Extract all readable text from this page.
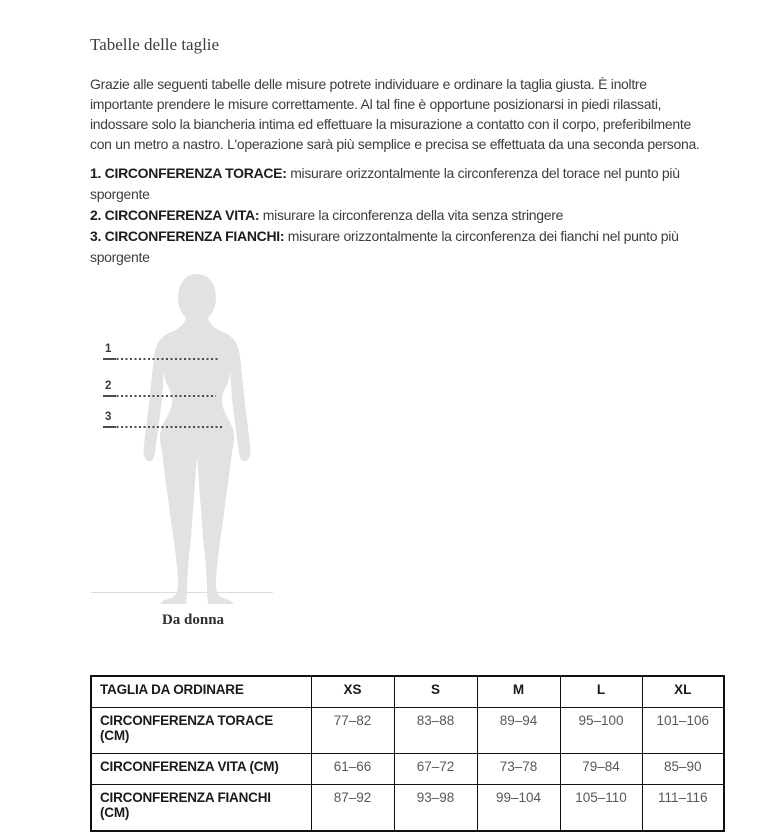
Tabelle delle taglie

Grazie alle seguenti tabelle delle misure potrete individuare e ordinare la taglia giusta. È inoltre importante prendere le misure correttamente. Al tal fine è opportune posizionarsi in piedi rilassati, indossare solo la biancheria intima ed effettuare la misurazione a contatto con il corpo, preferibilmente con un metro a nastro. L'operazione sarà più semplice e precisa se effettuata da una seconda persona.

1. CIRCONFERENZA TORACE: misurare orizzontalmente la circonferenza del torace nel punto più sporgente
2. CIRCONFERENZA VITA: misurare la circonferenza della vita senza stringere
3. CIRCONFERENZA FIANCHI: misurare orizzontalmente la circonferenza dei fianchi nel punto più sporgente
1
2
3
Da donna
TAGLIA DA ORDINARE	XS	S	M	L	XL
CIRCONFERENZA TORACE (CM)	77–82	83–88	89–94	95–100	101–106
CIRCONFERENZA VITA (CM)	61–66	67–72	73–78	79–84	85–90
CIRCONFERENZA FIANCHI (CM)	87–92	93–98	99–104	105–110	111–116
